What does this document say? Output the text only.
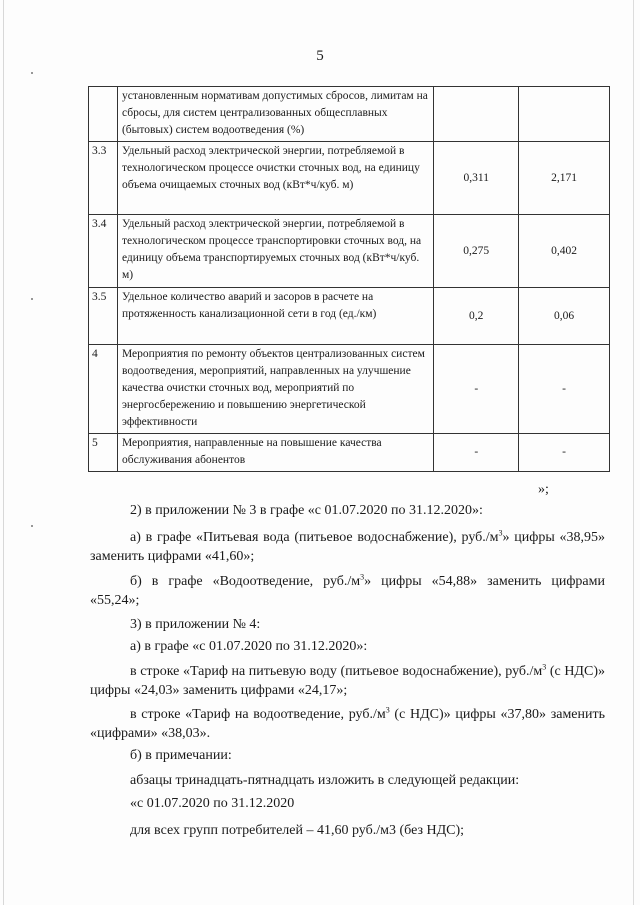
5
	установленным нормативам допустимых сбросов, лимитам на сбросы, для систем централизованных общесплавных (бытовых) систем водоотведения (%)		
3.3	Удельный расход электрической энергии, потребляемой в технологическом процессе очистки сточных вод, на единицу объема очищаемых сточных вод (кВт*ч/куб. м)	0,311	2,171
3.4	Удельный расход электрической энергии, потребляемой в технологическом процессе транспортировки сточных вод, на единицу объема транспортируемых сточных вод (кВт*ч/куб. м)	0,275	0,402
3.5	Удельное количество аварий и засоров в расчете на протяженность канализационной сети в год (ед./км)	0,2	0,06
4	Мероприятия по ремонту объектов централизованных систем водоотведения, мероприятий, направленных на улучшение качества очистки сточных вод, мероприятий по энергосбережению и повышению энергетической эффективности	-	-
5	Мероприятия, направленные на повышение качества обслуживания абонентов	-	-
»;
2) в приложении № 3 в графе «с 01.07.2020 по 31.12.2020»:
а) в графе «Питьевая вода (питьевое водоснабжение), $руб./м^3$» цифры «38,95» заменить цифрами «41,60»;
б) в графе «Водоотведение, $руб./м^3$» цифры «54,88» заменить цифрами «55,24»;
3) в приложении № 4:
а) в графе «с 01.07.2020 по 31.12.2020»:
в строке «Тариф на питьевую воду (питьевое водоснабжение), $руб./м^3$ (с НДС)» цифры «24,03» заменить цифрами «24,17»;
в строке «Тариф на водоотведение, $руб./м^3$ (с НДС)» цифры «37,80» заменить «цифрами» «38,03».
б) в примечании:
абзацы тринадцать-пятнадцать изложить в следующей редакции:
«с 01.07.2020 по 31.12.2020
для всех групп потребителей – 41,60 руб./м3 (без НДС);
